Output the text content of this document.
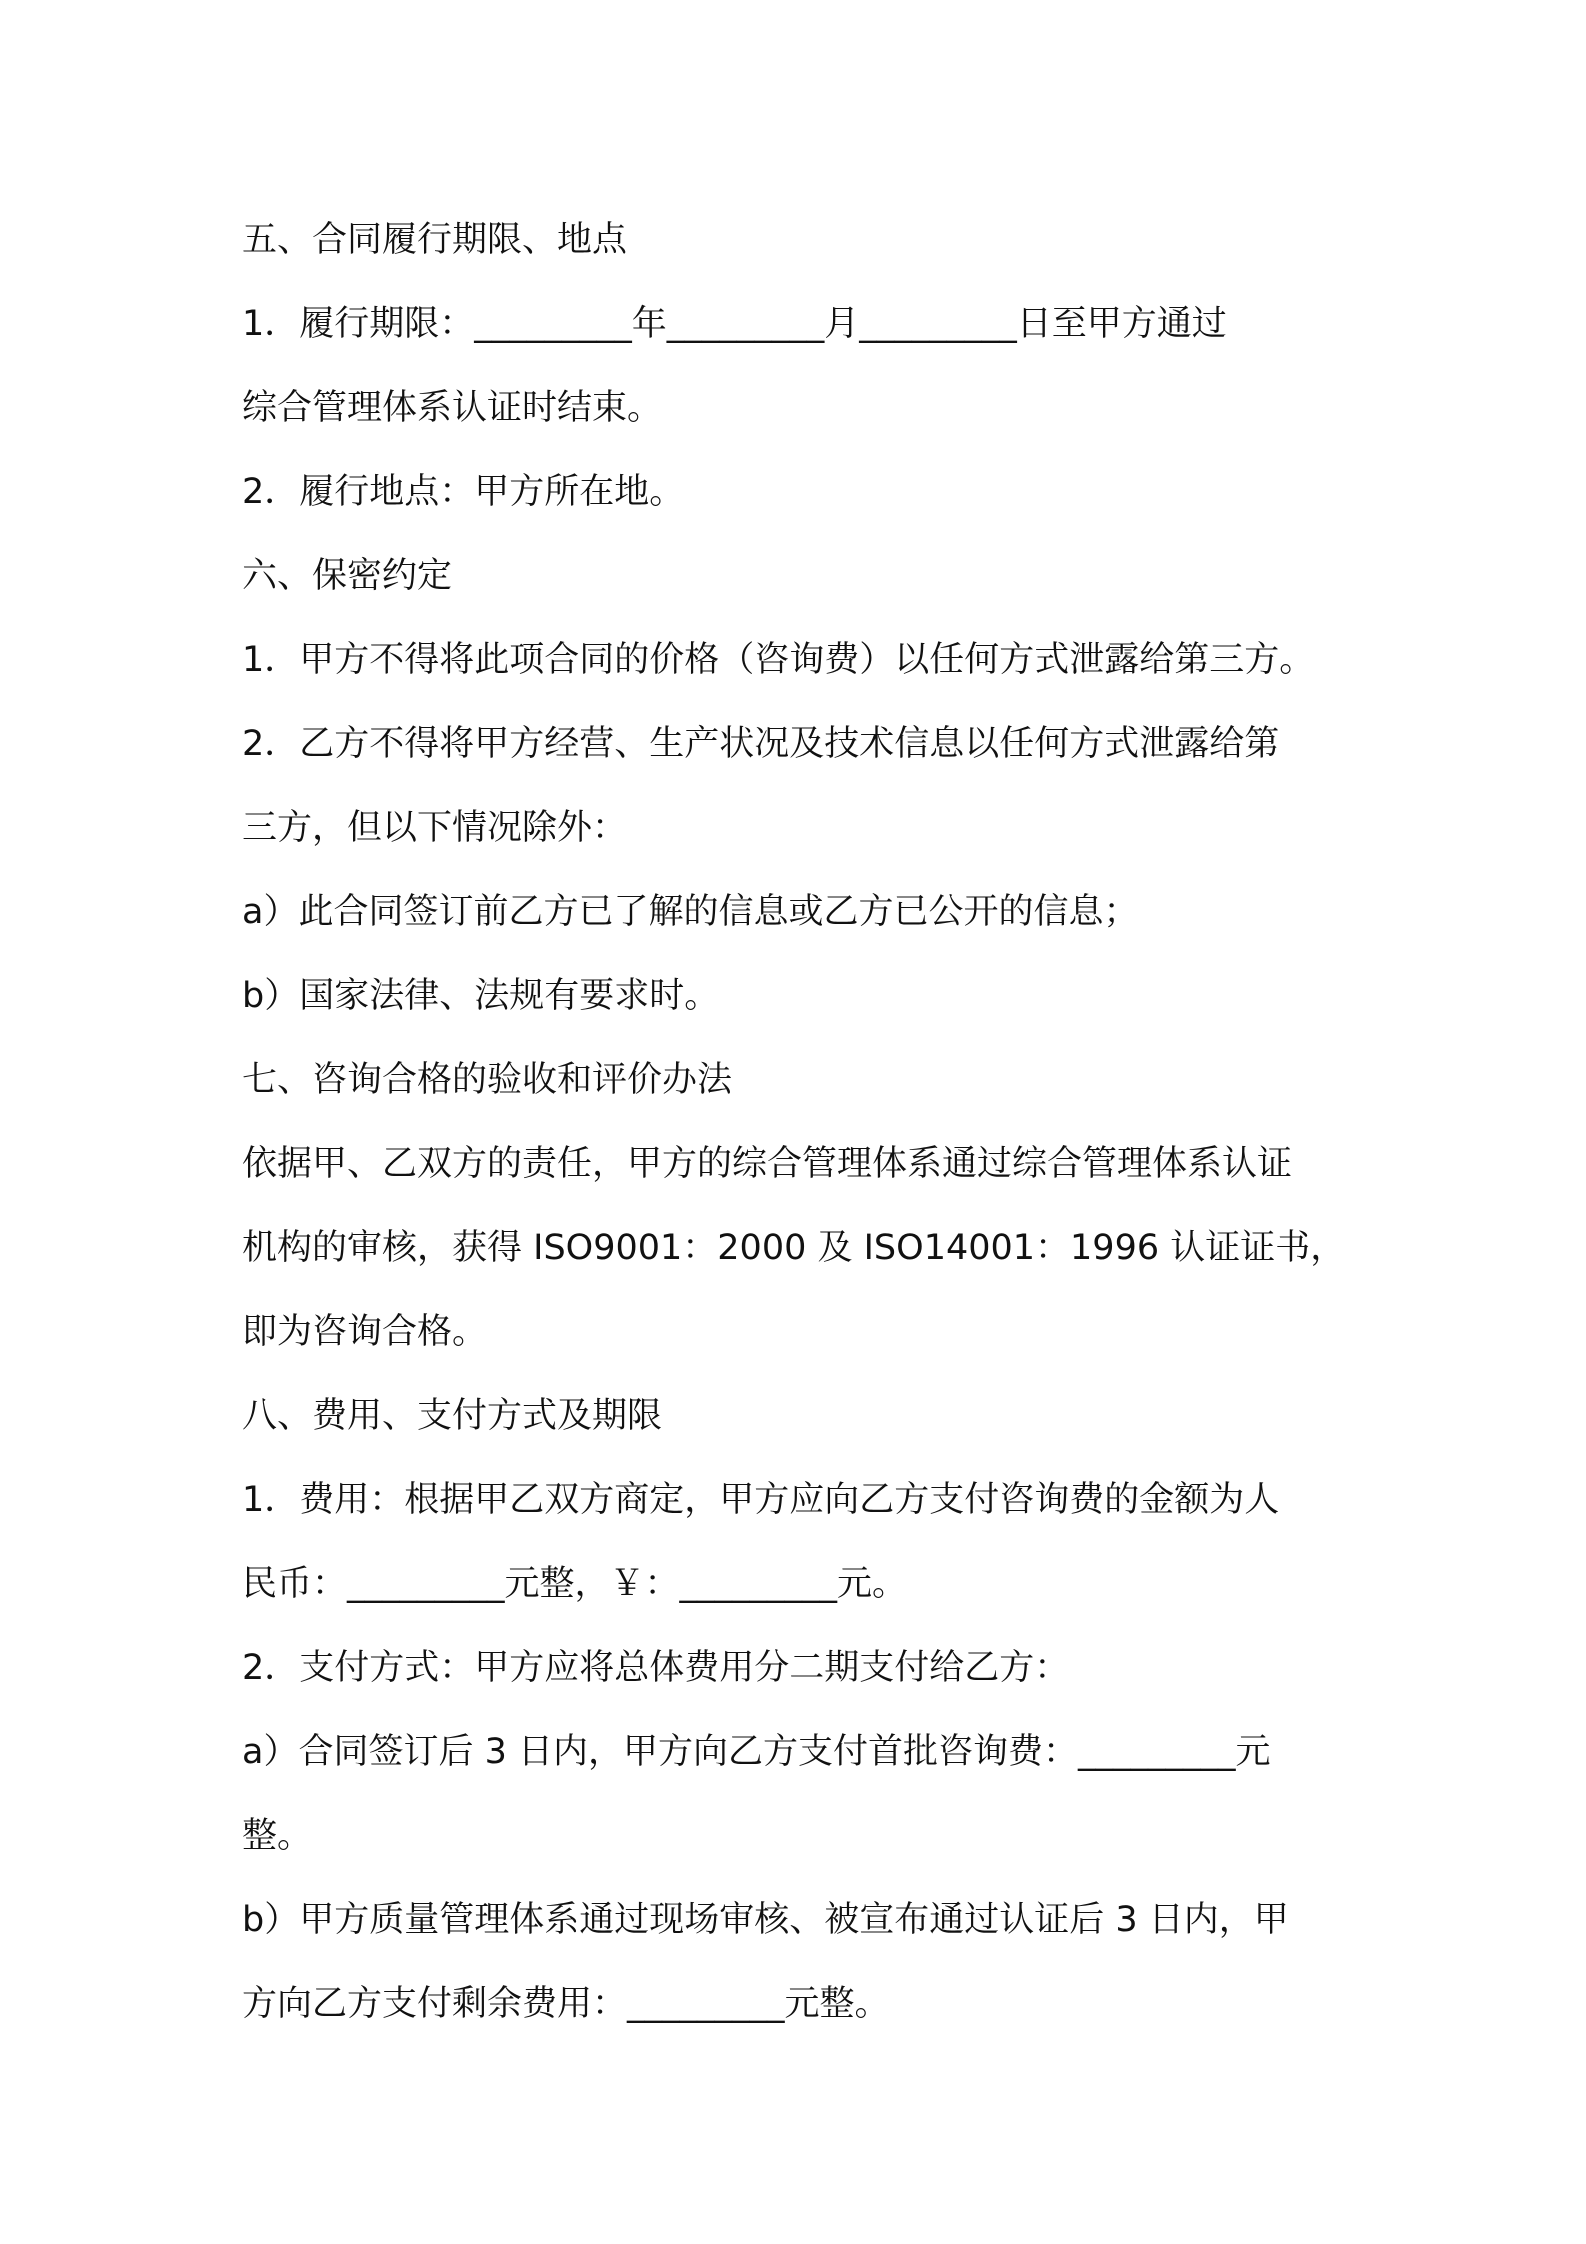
五、合同履行期限、地点
1．履行期限：_________年_________月_________日至甲方通过
综合管理体系认证时结束。
2．履行地点：甲方所在地。
六、保密约定
1．甲方不得将此项合同的价格（咨询费）以任何方式泄露给第三方。
2．乙方不得将甲方经营、生产状况及技术信息以任何方式泄露给第
三方，但以下情况除外：
a）此合同签订前乙方已了解的信息或乙方已公开的信息；
b）国家法律、法规有要求时。
七、咨询合格的验收和评价办法
依据甲、乙双方的责任，甲方的综合管理体系通过综合管理体系认证
机构的审核，获得 ISO9001：2000 及 ISO14001：1996 认证证书，
即为咨询合格。
八、费用、支付方式及期限
1．费用：根据甲乙双方商定，甲方应向乙方支付咨询费的金额为人
民币：_________元整，￥：_________元。
2．支付方式：甲方应将总体费用分二期支付给乙方：
a）合同签订后 3 日内，甲方向乙方支付首批咨询费：_________元
整。
b）甲方质量管理体系通过现场审核、被宣布通过认证后 3 日内，甲
方向乙方支付剩余费用：_________元整。
